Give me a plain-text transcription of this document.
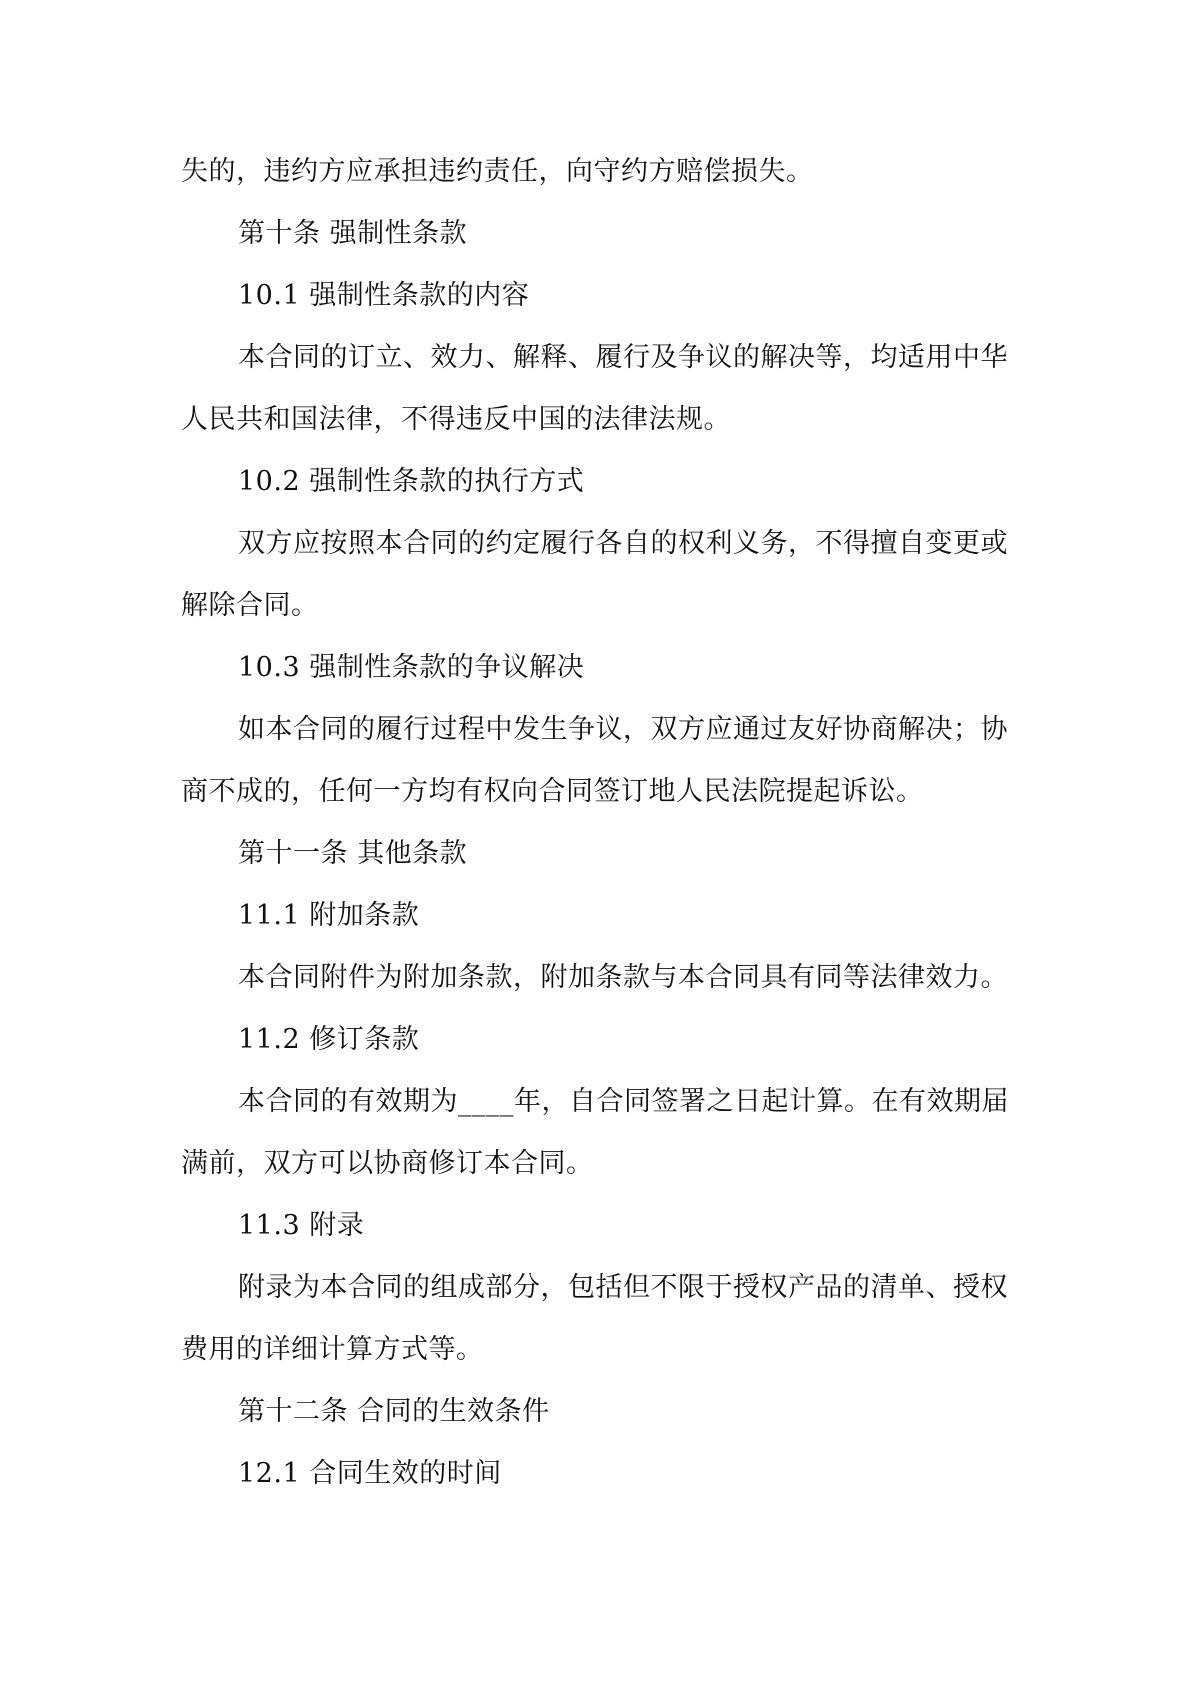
失的，违约方应承担违约责任，向守约方赔偿损失。
第十条 强制性条款
10.1 强制性条款的内容
本合同的订立、效力、解释、履行及争议的解决等，均适用中华
人民共和国法律，不得违反中国的法律法规。
10.2 强制性条款的执行方式
双方应按照本合同的约定履行各自的权利义务，不得擅自变更或
解除合同。
10.3 强制性条款的争议解决
如本合同的履行过程中发生争议，双方应通过友好协商解决；协
商不成的，任何一方均有权向合同签订地人民法院提起诉讼。
第十一条 其他条款
11.1 附加条款
本合同附件为附加条款，附加条款与本合同具有同等法律效力。
11.2 修订条款
本合同的有效期为____年，自合同签署之日起计算。在有效期届
满前，双方可以协商修订本合同。
11.3 附录
附录为本合同的组成部分，包括但不限于授权产品的清单、授权
费用的详细计算方式等。
第十二条 合同的生效条件
12.1 合同生效的时间
